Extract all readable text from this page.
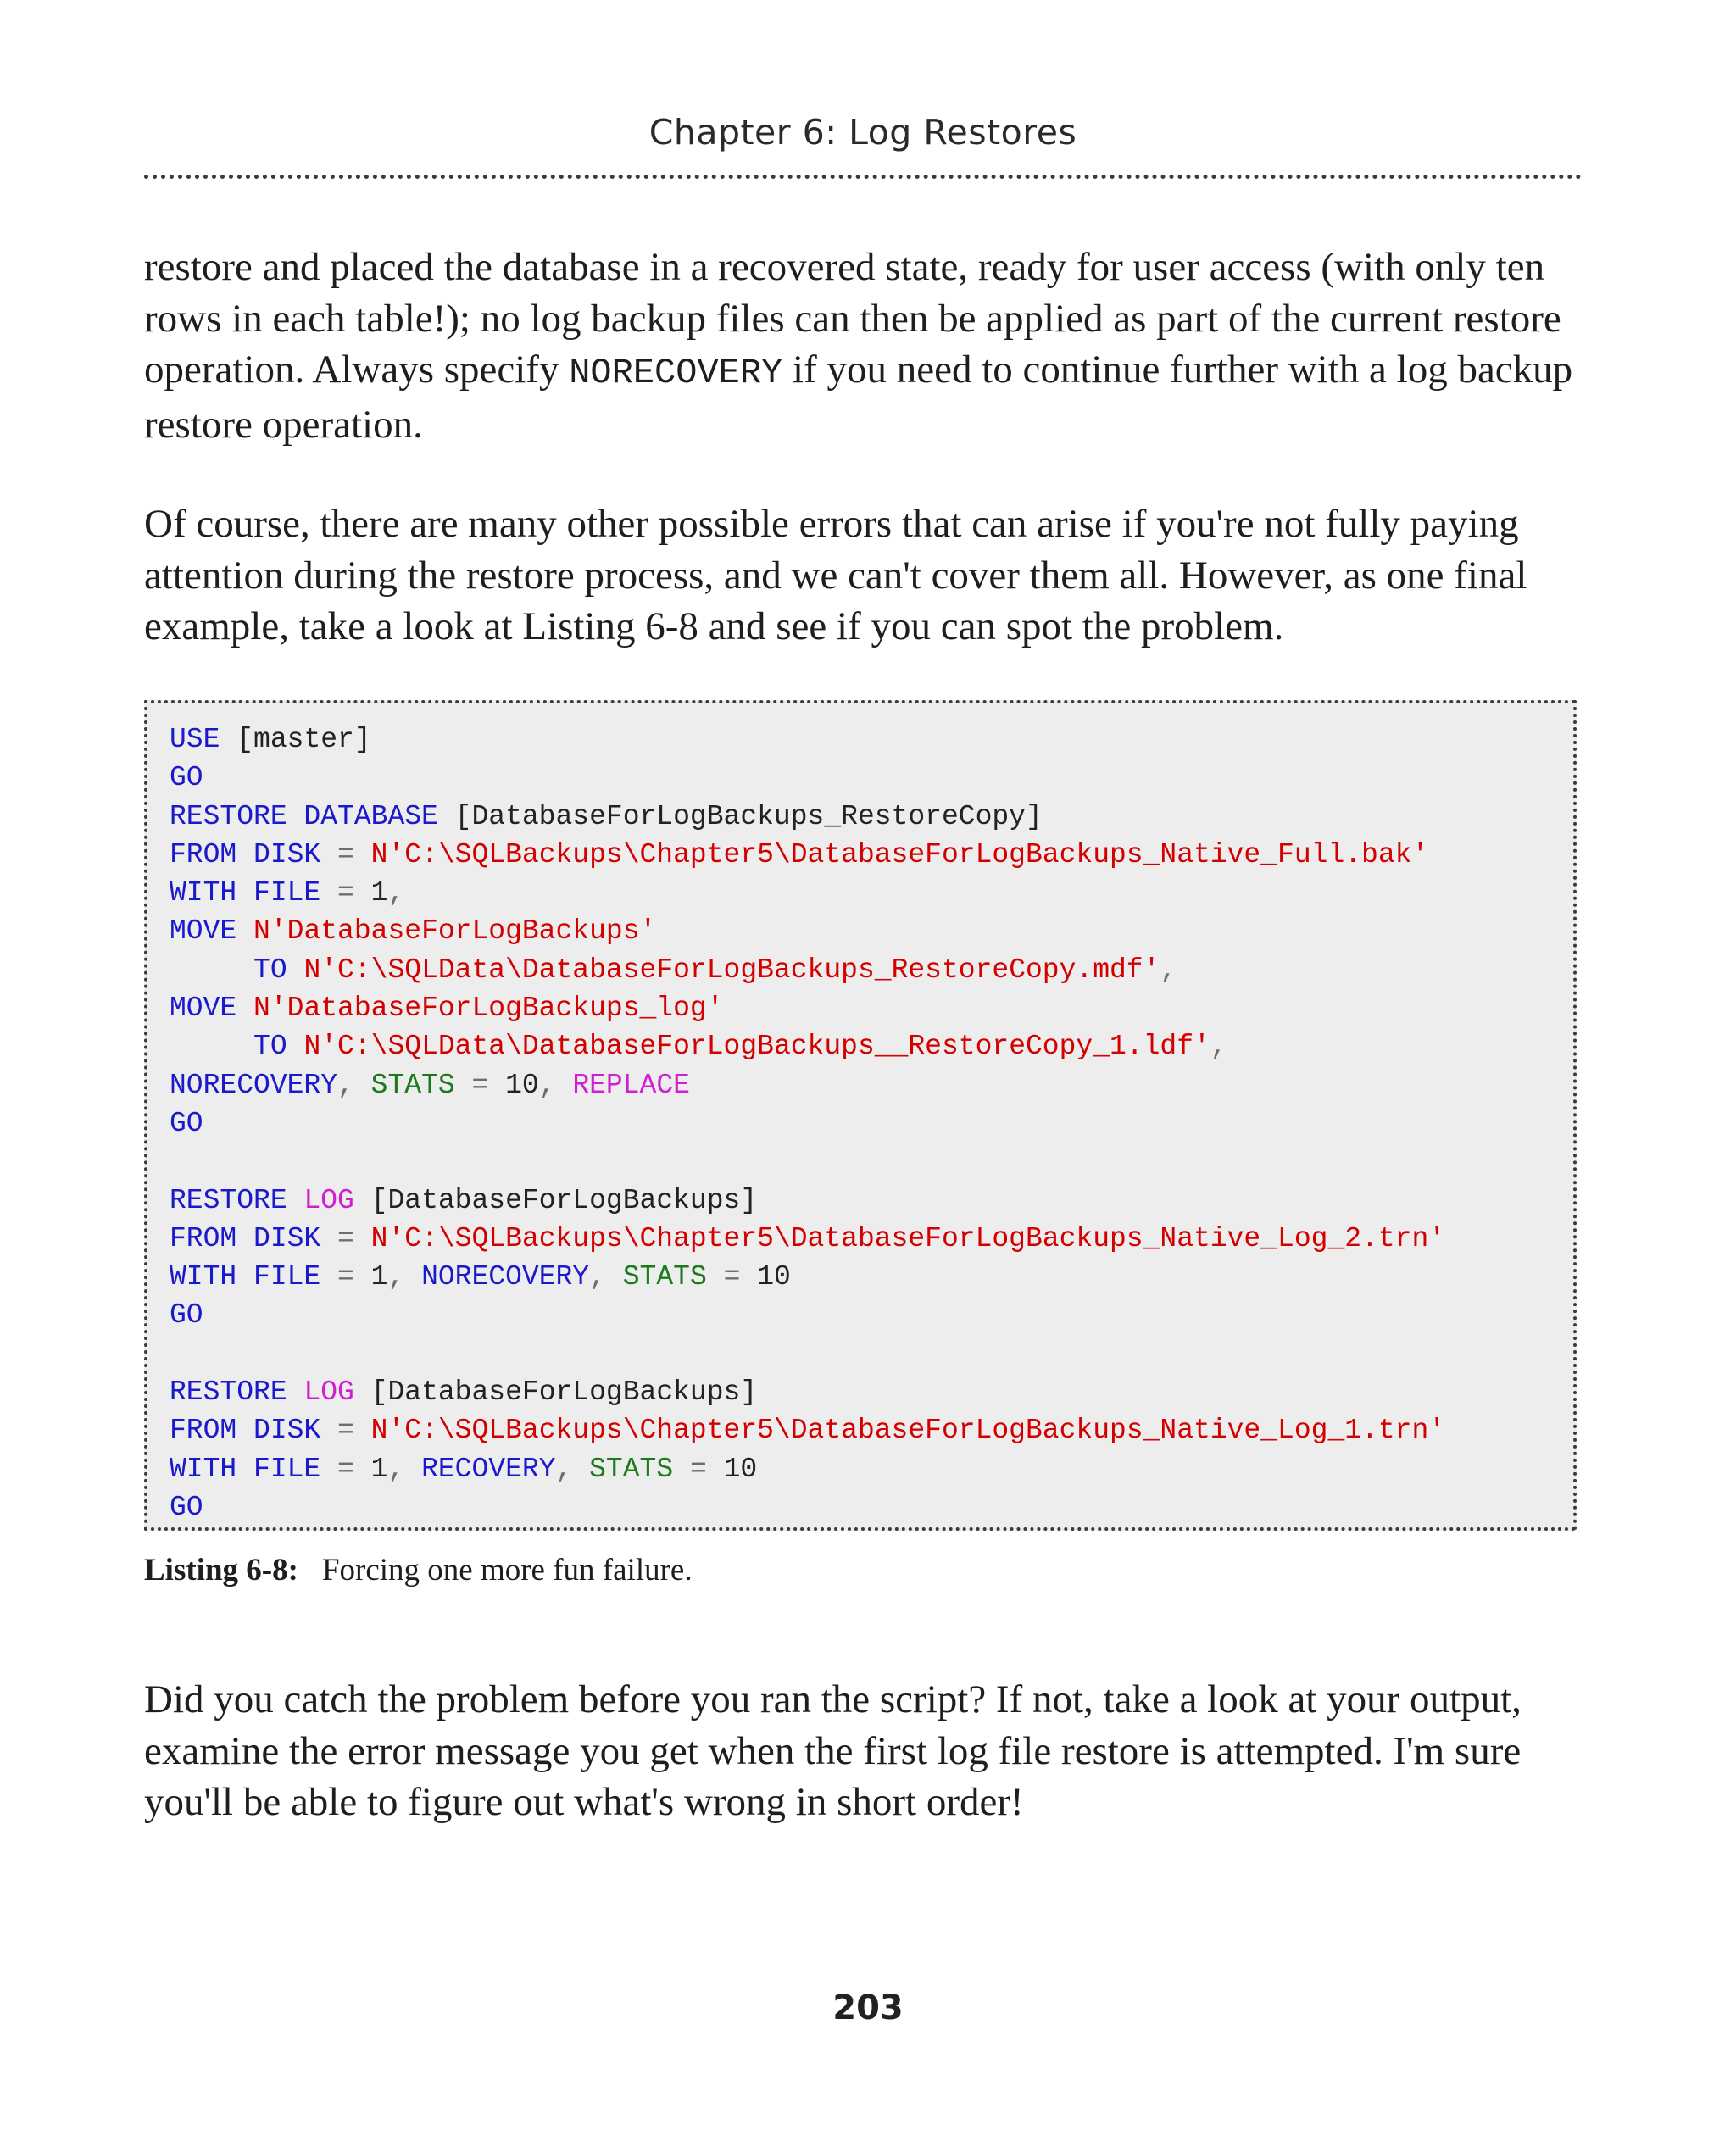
Chapter 6: Log Restores

restore and placed the database in a recovered state, ready for user access (with only ten rows in each table!); no log backup files can then be applied as part of the current restore operation. Always specify NORECOVERY if you need to continue further with a log backup restore operation.

Of course, there are many other possible errors that can arise if you're not fully paying attention during the restore process, and we can't cover them all. However, as one final example, take a look at Listing 6-8 and see if you can spot the problem.

USE [master]
GO
RESTORE DATABASE [DatabaseForLogBackups_RestoreCopy]
FROM DISK = N'C:\SQLBackups\Chapter5\DatabaseForLogBackups_Native_Full.bak'
WITH FILE = 1,
MOVE N'DatabaseForLogBackups'
TO N'C:\SQLData\DatabaseForLogBackups_RestoreCopy.mdf',
MOVE N'DatabaseForLogBackups_log'
TO N'C:\SQLData\DatabaseForLogBackups__RestoreCopy_1.ldf',
NORECOVERY, STATS = 10, REPLACE
GO
RESTORE LOG [DatabaseForLogBackups]
FROM DISK = N'C:\SQLBackups\Chapter5\DatabaseForLogBackups_Native_Log_2.trn'
WITH FILE = 1, NORECOVERY, STATS = 10
GO
RESTORE LOG [DatabaseForLogBackups]
FROM DISK = N'C:\SQLBackups\Chapter5\DatabaseForLogBackups_Native_Log_1.trn'
WITH FILE = 1, RECOVERY, STATS = 10
GO
Listing 6-8: Forcing one more fun failure.

Did you catch the problem before you ran the script? If not, take a look at your output, examine the error message you get when the first log file restore is attempted. I'm sure you'll be able to figure out what's wrong in short order!

203
